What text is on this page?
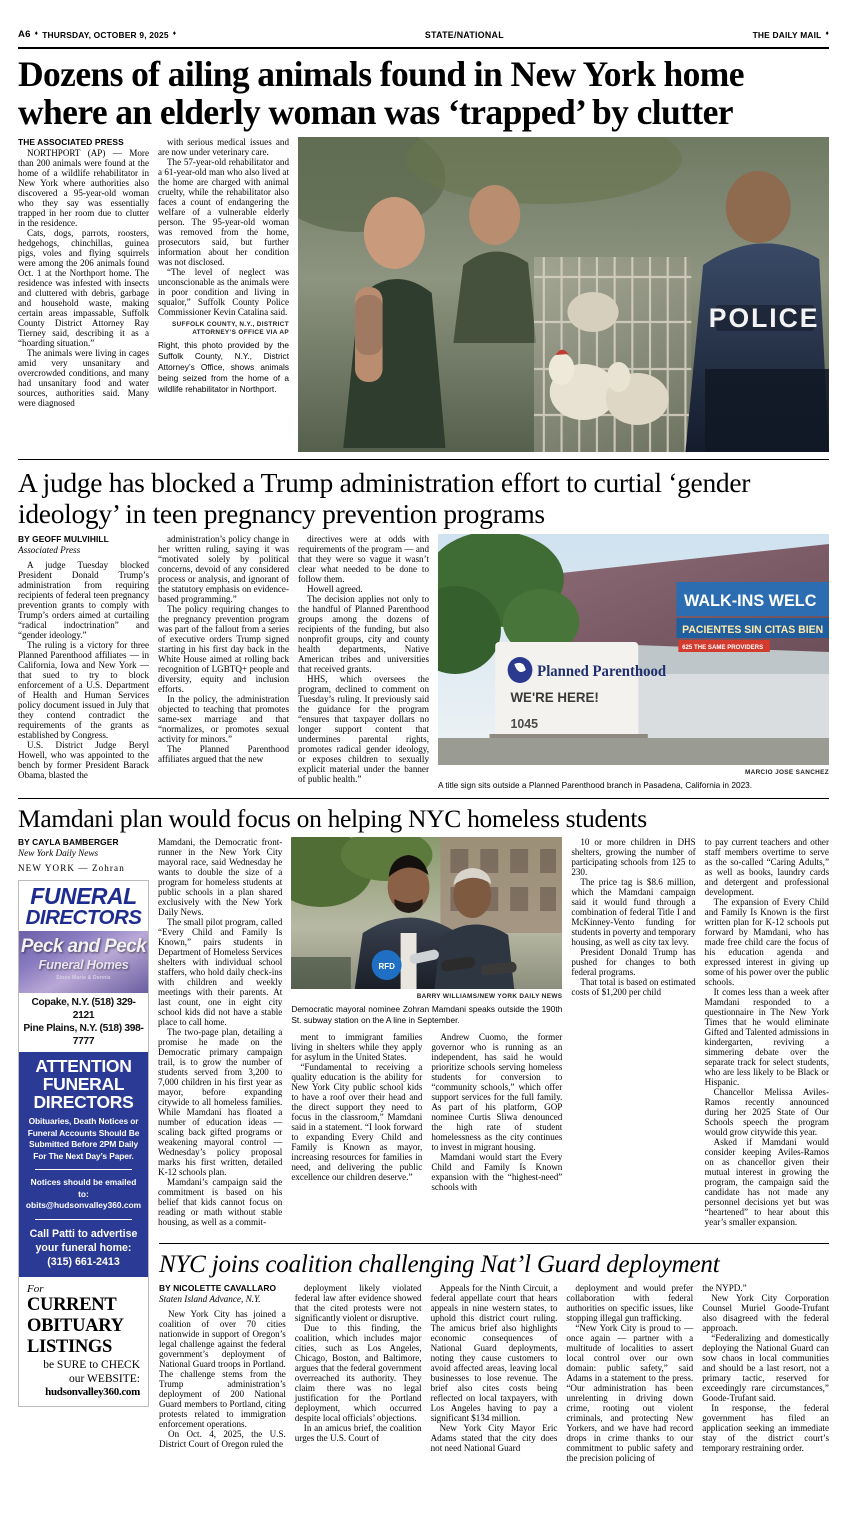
A6 ♦ THURSDAY, OCTOBER 9, 2025 ♦	STATE/NATIONAL	THE DAILY MAIL ♦
Dozens of ailing animals found in New York home where an elderly woman was ‘trapped’ by clutter
THE ASSOCIATED PRESS

NORTHPORT (AP) — More than 200 animals were found at the home of a wildlife rehabilitator in New York where authorities also discovered a 95-year-old woman who they say was essentially trapped in her room due to clutter in the residence.

Cats, dogs, parrots, roosters, hedgehogs, chinchillas, guinea pigs, voles and flying squirrels were among the 206 animals found Oct. 1 at the Northport home. The residence was infested with insects and cluttered with debris, garbage and household waste, making certain areas impassable, Suffolk County District Attorney Ray Tierney said, describing it as a “hoarding situation.”

The animals were living in cages amid very unsanitary and overcrowded conditions, and many had unsanitary food and water sources, authorities said. Many were diagnosed

with serious medical issues and are now under veterinary care.

The 57-year-old rehabilitator and a 61-year-old man who also lived at the home are charged with animal cruelty, while the rehabilitator also faces a count of endangering the welfare of a vulnerable elderly person. The 95-year-old woman was removed from the home, prosecutors said, but further information about her condition was not disclosed.

“The level of neglect was unconscionable as the animals were in poor condition and living in squalor,” Suffolk County Police Commissioner Kevin Catalina said.

SUFFOLK COUNTY, N.Y., DISTRICT ATTORNEY’S OFFICE VIA AP
Right, this photo provided by the Suffolk County, N.Y., District Attorney’s Office, shows animals being seized from the home of a wildlife rehabilitator in Northport.
POLICE
A judge has blocked a Trump administration effort to curtial ‘gender ideology’ in teen pregnancy prevention programs
BY GEOFF MULVIHILL
Associated Press

A judge Tuesday blocked President Donald Trump’s administration from requiring recipients of federal teen pregnancy prevention grants to comply with Trump’s orders aimed at curtailing “radical indoctrination” and “gender ideology.”

The ruling is a victory for three Planned Parenthood affiliates — in California, Iowa and New York — that sued to try to block enforcement of a U.S. Department of Health and Human Services policy document issued in July that they contend contradict the requirements of the grants as established by Congress.

U.S. District Judge Beryl Howell, who was appointed to the bench by former President Barack Obama, blasted the

administration’s policy change in her written ruling, saying it was “motivated solely by political concerns, devoid of any considered process or analysis, and ignorant of the statutory emphasis on evidence-based programming.”

The policy requiring changes to the pregnancy prevention program was part of the fallout from a series of executive orders Trump signed starting in his first day back in the White House aimed at rolling back recognition of LGBTQ+ people and diversity, equity and inclusion efforts.

In the policy, the administration objected to teaching that promotes same-sex marriage and that “normalizes, or promotes sexual activity for minors.”

The Planned Parenthood affiliates argued that the new

directives were at odds with requirements of the program — and that they were so vague it wasn’t clear what needed to be done to follow them.

Howell agreed.

The decision applies not only to the handful of Planned Parenthood groups among the dozens of recipients of the funding, but also nonprofit groups, city and county health departments, Native American tribes and universities that received grants.

HHS, which oversees the program, declined to comment on Tuesday’s ruling. It previously said the guidance for the program “ensures that taxpayer dollars no longer support content that undermines parental rights, promotes radical gender ideology, or exposes children to sexually explicit material under the banner of public health.”

WALK-INS WELC
PACIENTES SIN CITAS BIEN
625 THE SAME PROVIDERS
Planned Parenthood
WE'RE HERE!
1045
MARCIO JOSE SANCHEZ
A title sign sits outside a Planned Parenthood branch in Pasadena, California in 2023.
Mamdani plan would focus on helping NYC homeless students
BY CAYLA BAMBERGER
New York Daily News

NEW YORK — Zohran

FUNERAL
DIRECTORS
Peck and Peck
Funeral Homes
Since Marie & Dennis
Copake, N.Y. (518) 329-2121
Pine Plains, N.Y. (518) 398-7777
ATTENTION
FUNERAL
DIRECTORS
Obituaries, Death Notices or Funeral Accounts Should Be Submitted Before 2PM Daily For The Next Day’s Paper.
Notices should be emailed to:
obits@hudsonvalley360.com
Call Patti to advertise
your funeral home:
(315) 661-2413
For
CURRENT
OBITUARY
LISTINGS
be SURE to CHECK
our WEBSITE:
hudsonvalley360.com

Mamdani, the Democratic front-runner in the New York City mayoral race, said Wednesday he wants to double the size of a program for homeless students at public schools in a plan shared exclusively with the New York Daily News.

The small pilot program, called “Every Child and Family Is Known,” pairs students in Department of Homeless Services shelters with individual school staffers, who hold daily check-ins with children and weekly meetings with their parents. At last count, one in eight city school kids did not have a stable place to call home.

The two-page plan, detailing a promise he made on the Democratic primary campaign trail, is to grow the number of students served from 3,200 to 7,000 children in his first year as mayor, before expanding citywide to all homeless families. While Mamdani has floated a number of education ideas — scaling back gifted programs or weakening mayoral control — Wednesday’s policy proposal marks his first written, detailed K-12 schools plan.

Mamdani’s campaign said the commitment is based on his belief that kids cannot focus on reading or math without stable housing, as well as a commit-

RFD
BARRY WILLIAMS/NEW YORK DAILY NEWS
Democratic mayoral nominee Zohran Mamdani speaks outside the 190th St. subway station on the A line in September.

ment to immigrant families living in shelters while they apply for asylum in the United States.

“Fundamental to receiving a quality education is the ability for New York City public school kids to have a roof over their head and the direct support they need to focus in the classroom,” Mamdani said in a statement. “I look forward to expanding Every Child and Family is Known as mayor, increasing resources for families in need, and delivering the public excellence our children deserve.”

Andrew Cuomo, the former governor who is running as an independent, has said he would prioritize schools serving homeless students for conversion to “community schools,” which offer support services for the full family. As part of his platform, GOP nominee Curtis Sliwa denounced the high rate of student homelessness as the city continues to invest in migrant housing.

Mamdani would start the Every Child and Family Is Known expansion with the “highest-need” schools with

10 or more children in DHS shelters, growing the number of participating schools from 125 to 230.

The price tag is $8.6 million, which the Mamdani campaign said it would fund through a combination of federal Title I and McKinney-Vento funding for students in poverty and temporary housing, as well as city tax levy.

President Donald Trump has pushed for changes to both federal programs.

That total is based on estimated costs of $1,200 per child

to pay current teachers and other staff members overtime to serve as the so-called “Caring Adults,” as well as books, laundry cards and detergent and professional development.

The expansion of Every Child and Family Is Known is the first written plan for K-12 schools put forward by Mamdani, who has made free child care the focus of his education agenda and expressed interest in giving up some of his power over the public schools.

It comes less than a week after Mamdani responded to a questionnaire in The New York Times that he would eliminate Gifted and Talented admissions in kindergarten, reviving a simmering debate over the separate track for select students, who are less likely to be Black or Hispanic.

Chancellor Melissa Aviles-Ramos recently announced during her 2025 State of Our Schools speech the program would grow citywide this year.

Asked if Mamdani would consider keeping Aviles-Ramos on as chancellor given their mutual interest in growing the program, the campaign said the candidate has not made any personnel decisions yet but was “heartened” to hear about this year’s smaller expansion.

NYC joins coalition challenging Nat’l Guard deployment
BY NICOLETTE CAVALLARO
Staten Island Advance, N.Y.

New York City has joined a coalition of over 70 cities nationwide in support of Oregon’s legal challenge against the federal government’s deployment of National Guard troops in Portland. The challenge stems from the Trump administration’s deployment of 200 National Guard members to Portland, citing protests related to immigration enforcement operations.

On Oct. 4, 2025, the U.S. District Court of Oregon ruled the

deployment likely violated federal law after evidence showed that the cited protests were not significantly violent or disruptive.

Due to this finding, the coalition, which includes major cities, such as Los Angeles, Chicago, Boston, and Baltimore, argues that the federal government overreached its authority. They claim there was no legal justification for the Portland deployment, which occurred despite local officials’ objections.

In an amicus brief, the coalition urges the U.S. Court of

Appeals for the Ninth Circuit, a federal appellate court that hears appeals in nine western states, to uphold this district court ruling. The amicus brief also highlights economic consequences of National Guard deployments, noting they cause customers to avoid affected areas, leaving local businesses to lose revenue. The brief also cites costs being reflected on local taxpayers, with Los Angeles having to pay a significant $134 million.

New York City Mayor Eric Adams stated that the city does not need National Guard

deployment and would prefer collaboration with federal authorities on specific issues, like stopping illegal gun trafficking.

“New York City is proud to — once again — partner with a multitude of localities to assert local control over our own domain: public safety,” said Adams in a statement to the press. “Our administration has been unrelenting in driving down crime, rooting out violent criminals, and protecting New Yorkers, and we have had record drops in crime thanks to our commitment to public safety and the precision policing of

the NYPD.”

New York City Corporation Counsel Muriel Goode-Trufant also disagreed with the federal approach.

“Federalizing and domestically deploying the National Guard can sow chaos in local communities and should be a last resort, not a primary tactic, reserved for exceedingly rare circumstances,” Goode-Trufant said.

In response, the federal government has filed an application seeking an immediate stay of the district court’s temporary restraining order.
